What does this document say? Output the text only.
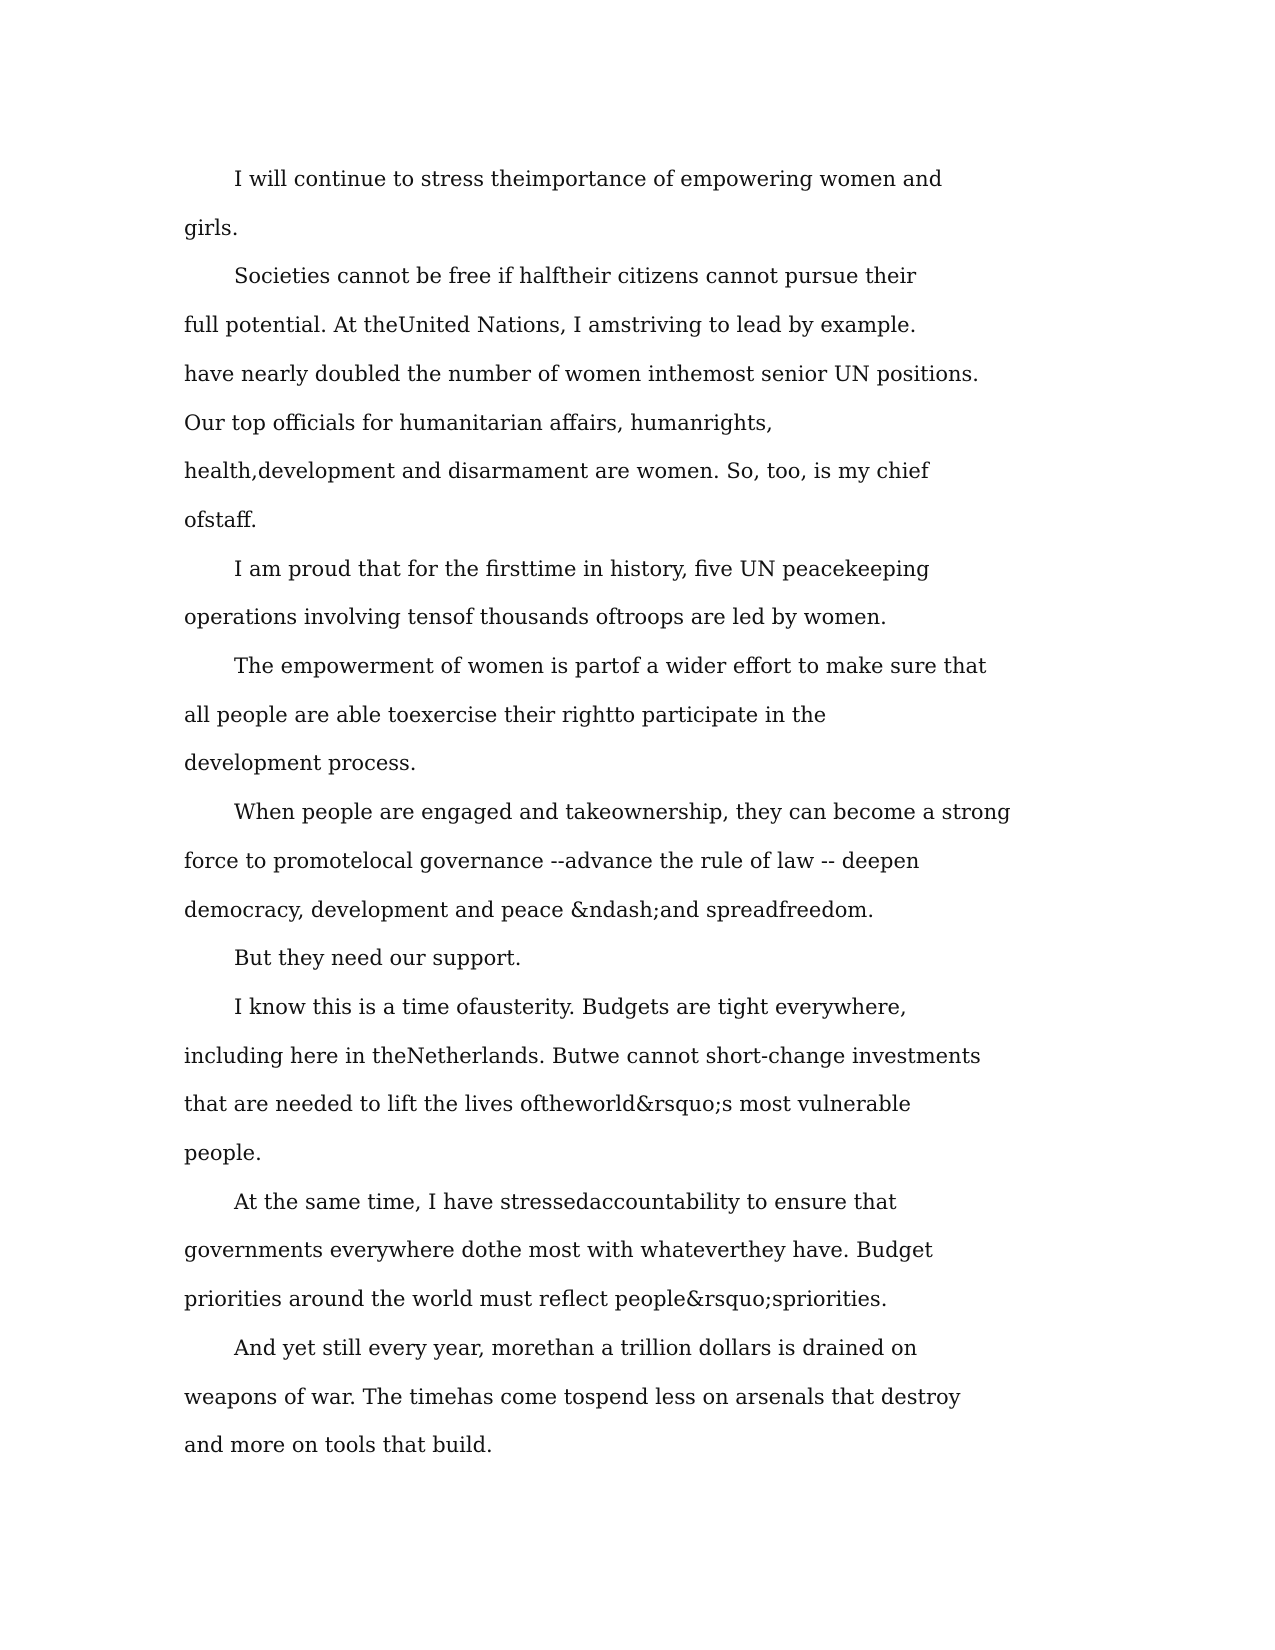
I will continue to stress theimportance of empowering women and
girls.

Societies cannot be free if halftheir citizens cannot pursue their
full potential. At theUnited Nations, I amstriving to lead by example.
have nearly doubled the number of women inthemost senior UN positions.
Our top officials for humanitarian affairs, humanrights,
health,development and disarmament are women. So, too, is my chief
ofstaff.

I am proud that for the firsttime in history, five UN peacekeeping
operations involving tensof thousands oftroops are led by women.

The empowerment of women is partof a wider effort to make sure that
all people are able toexercise their rightto participate in the
development process.

When people are engaged and takeownership, they can become a strong
force to promotelocal governance --advance the rule of law -- deepen
democracy, development and peace &ndash;and spreadfreedom.

But they need our support.

I know this is a time ofausterity. Budgets are tight everywhere,
including here in theNetherlands. Butwe cannot short-change investments
that are needed to lift the lives oftheworld&rsquo;s most vulnerable
people.

At the same time, I have stressedaccountability to ensure that
governments everywhere dothe most with whateverthey have. Budget
priorities around the world must reflect people&rsquo;spriorities.

And yet still every year, morethan a trillion dollars is drained on
weapons of war. The timehas come tospend less on arsenals that destroy
and more on tools that build.
